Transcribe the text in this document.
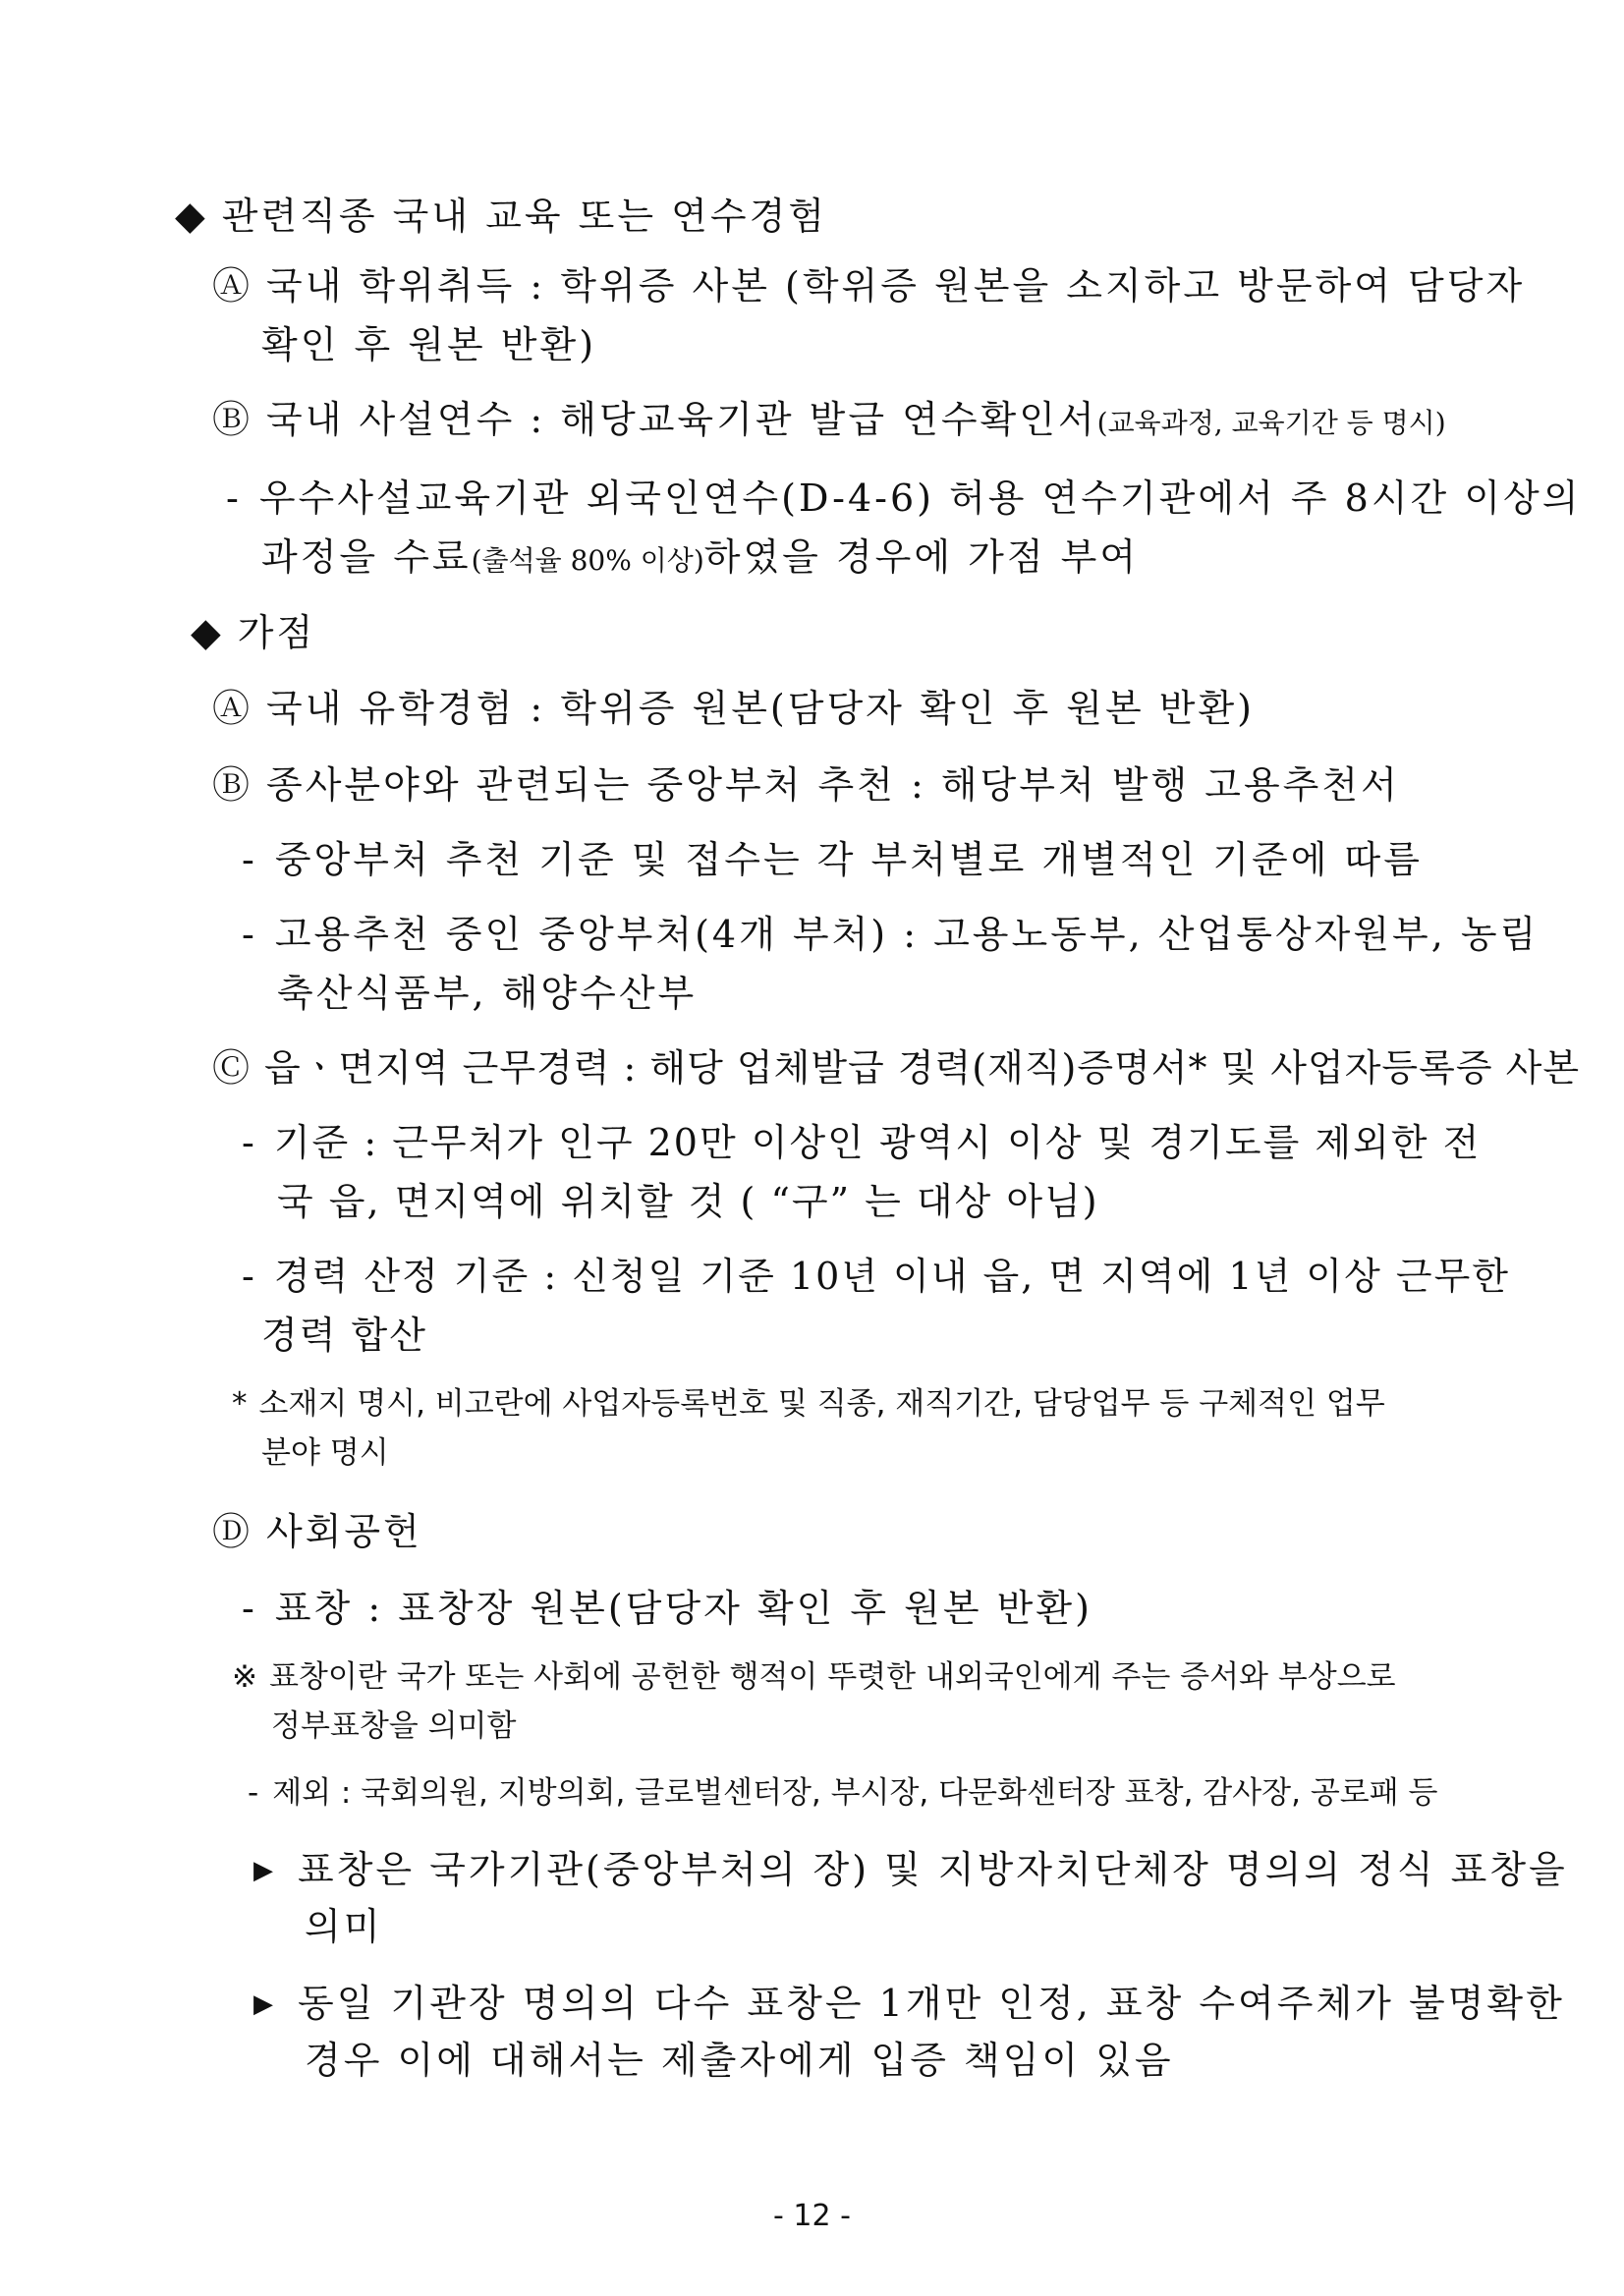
◆ 관련직종 국내 교육 또는 연수경험
Ⓐ 국내 학위취득 : 학위증 사본 (학위증 원본을 소지하고 방문하여 담당자
확인 후 원본 반환)
Ⓑ 국내 사설연수 : 해당교육기관 발급 연수확인서(교육과정, 교육기간 등 명시)
- 우수사설교육기관 외국인연수(D-4-6) 허용 연수기관에서 주 8시간 이상의
과정을 수료(출석율 80% 이상)하였을 경우에 가점 부여
◆ 가점
Ⓐ 국내 유학경험 : 학위증 원본(담당자 확인 후 원본 반환)
Ⓑ 종사분야와 관련되는 중앙부처 추천 : 해당부처 발행 고용추천서
- 중앙부처 추천 기준 및 접수는 각 부처별로 개별적인 기준에 따름
- 고용추천 중인 중앙부처(4개 부처) : 고용노동부, 산업통상자원부, 농림
축산식품부, 해양수산부
Ⓒ 읍ㆍ면지역 근무경력 : 해당 업체발급 경력(재직)증명서* 및 사업자등록증 사본
- 기준 : 근무처가 인구 20만 이상인 광역시 이상 및 경기도를 제외한 전
국 읍, 면지역에 위치할 것 ( “구” 는 대상 아님)
- 경력 산정 기준 : 신청일 기준 10년 이내 읍, 면 지역에 1년 이상 근무한
경력 합산
* 소재지 명시, 비고란에 사업자등록번호 및 직종, 재직기간, 담당업무 등 구체적인 업무
분야 명시
Ⓓ 사회공헌
- 표창 : 표창장 원본(담당자 확인 후 원본 반환)
※ 표창이란 국가 또는 사회에 공헌한 행적이 뚜렷한 내외국인에게 주는 증서와 부상으로
정부표창을 의미함
- 제외 : 국회의원, 지방의회, 글로벌센터장, 부시장, 다문화센터장 표창, 감사장, 공로패 등
▶ 표창은 국가기관(중앙부처의 장) 및 지방자치단체장 명의의 정식 표창을
의미
▶ 동일 기관장 명의의 다수 표창은 1개만 인정, 표창 수여주체가 불명확한
경우 이에 대해서는 제출자에게 입증 책임이 있음
- 12 -
